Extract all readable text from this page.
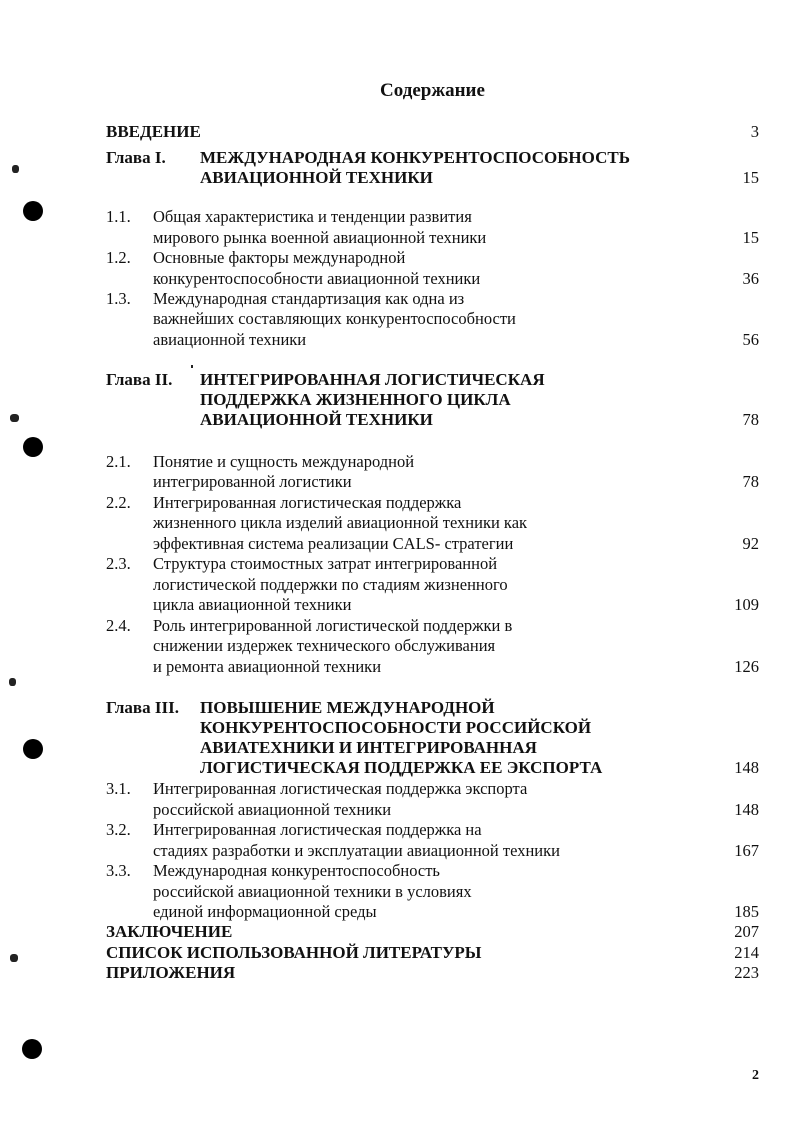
Содержание
ВВЕДЕНИЕ	3
Глава I. МЕЖДУНАРОДНАЯ КОНКУРЕНТОСПОСОБНОСТЬ
АВИАЦИОННОЙ ТЕХНИКИ	15
1.1. Общая характеристика и тенденции развития
мирового рынка военной авиационной техники	15
1.2. Основные факторы международной
конкурентоспособности авиационной техники	36
1.3. Международная стандартизация как одна из
важнейших составляющих конкурентоспособности
авиационной техники	56
Глава II. ИНТЕГРИРОВАННАЯ ЛОГИСТИЧЕСКАЯ
ПОДДЕРЖКА ЖИЗНЕННОГО ЦИКЛА
АВИАЦИОННОЙ ТЕХНИКИ	78
2.1. Понятие и сущность международной
интегрированной логистики	78
2.2. Интегрированная логистическая поддержка
жизненного цикла изделий авиационной техники как
эффективная система реализации CALS- стратегии	92
2.3. Структура стоимостных затрат интегрированной
логистической поддержки по стадиям жизненного
цикла авиационной техники	109
2.4. Роль интегрированной логистической поддержки в
снижении издержек технического обслуживания
и ремонта авиационной техники	126
Глава III. ПОВЫШЕНИЕ МЕЖДУНАРОДНОЙ
КОНКУРЕНТОСПОСОБНОСТИ РОССИЙСКОЙ
АВИАТЕХНИКИ И ИНТЕГРИРОВАННАЯ
ЛОГИСТИЧЕСКАЯ ПОДДЕРЖКА ЕЕ ЭКСПОРТА	148
3.1. Интегрированная логистическая поддержка экспорта
российской авиационной техники	148
3.2. Интегрированная логистическая поддержка на
стадиях разработки и эксплуатации авиационной техники	167
3.3. Международная конкурентоспособность
российской авиационной техники в условиях
единой информационной среды	185
ЗАКЛЮЧЕНИЕ	207
СПИСОК ИСПОЛЬЗОВАННОЙ ЛИТЕРАТУРЫ	214
ПРИЛОЖЕНИЯ	223
2
